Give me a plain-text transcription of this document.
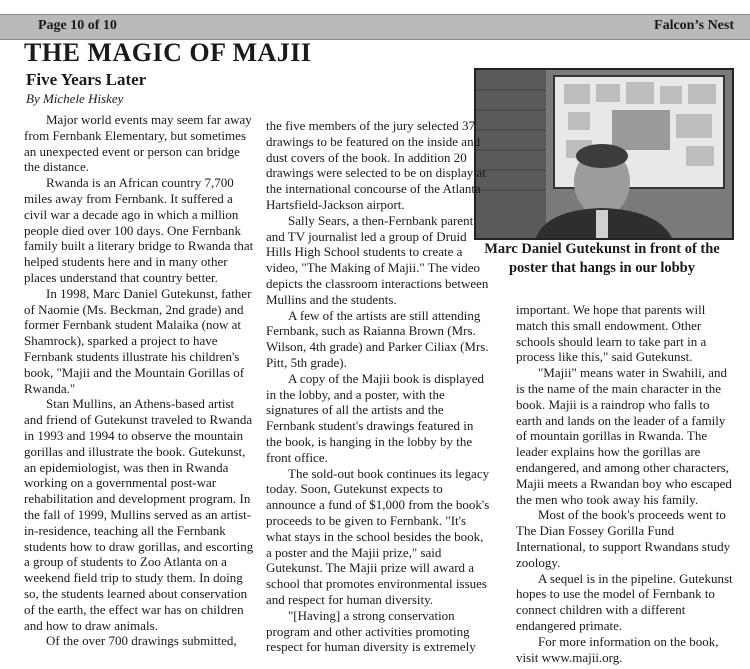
Page 10 of 10	Falcon’s Nest
THE MAGIC OF MAJII
Five Years Later
By Michele Hiskey
Marc Daniel Gutekunst in front of the poster that hangs in our lobby

Major world events may seem far away from Fernbank Elementary, but sometimes an unexpected event or person can bridge the distance.

Rwanda is an African country 7,700 miles away from Fernbank. It suffered a civil war a decade ago in which a million people died over 100 days. One Fernbank family built a literary bridge to Rwanda that helped students here and in many other places understand that country better.

In 1998, Marc Daniel Gutekunst, father of Naomie (Ms. Beckman, 2nd grade) and former Fernbank student Malaika (now at Shamrock), sparked a project to have Fernbank students illustrate his children's book, "Majii and the Mountain Gorillas of Rwanda."

Stan Mullins, an Athens-based artist and friend of Gutekunst traveled to Rwanda in 1993 and 1994 to observe the mountain gorillas and illustrate the book. Gutekunst, an epidemiologist, was then in Rwanda working on a governmental post-war rehabilitation and development program. In the fall of 1999, Mullins served as an artist-in-residence, teaching all the Fernbank students how to draw gorillas, and escorting a group of students to Zoo Atlanta on a weekend field trip to study them. In doing so, the students learned about conservation of the earth, the effect war has on children and how to draw animals.

Of the over 700 drawings submitted,

the five members of the jury selected 37 drawings to be featured on the inside and dust covers of the book. In addition 20 drawings were selected to be on display at the international concourse of the Atlanta Hartsfield-Jackson airport.

Sally Sears, a then-Fernbank parent and TV journalist led a group of Druid Hills High School students to create a video, "The Making of Majii." The video depicts the classroom interactions between Mullins and the students.

A few of the artists are still attending Fernbank, such as Raianna Brown (Mrs. Wilson, 4th grade) and Parker Ciliax (Mrs. Pitt, 5th grade).

A copy of the Majii book is displayed in the lobby, and a poster, with the signatures of all the artists and the Fernbank student's drawings featured in the book, is hanging in the lobby by the front office.

The sold-out book continues its legacy today. Soon, Gutekunst expects to announce a fund of $1,000 from the book's proceeds to be given to Fernbank. "It's what stays in the school besides the book, a poster and the Majii prize," said Gutekunst. The Majii prize will award a school that promotes environmental issues and respect for human diversity.

"[Having] a strong conservation program and other activities promoting respect for human diversity is extremely

important. We hope that parents will match this small endowment. Other schools should learn to take part in a process like this," said Gutekunst.

"Majii" means water in Swahili, and is the name of the main character in the book. Majii is a raindrop who falls to earth and lands on the leader of a family of mountain gorillas in Rwanda. The leader explains how the gorillas are endangered, and among other characters, Majii meets a Rwandan boy who escaped the men who took away his family.

Most of the book's proceeds went to The Dian Fossey Gorilla Fund International, to support Rwandans study zoology.

A sequel is in the pipeline. Gutekunst hopes to use the model of Fernbank to connect children with a different endangered primate.

For more information on the book, visit www.majii.org.
